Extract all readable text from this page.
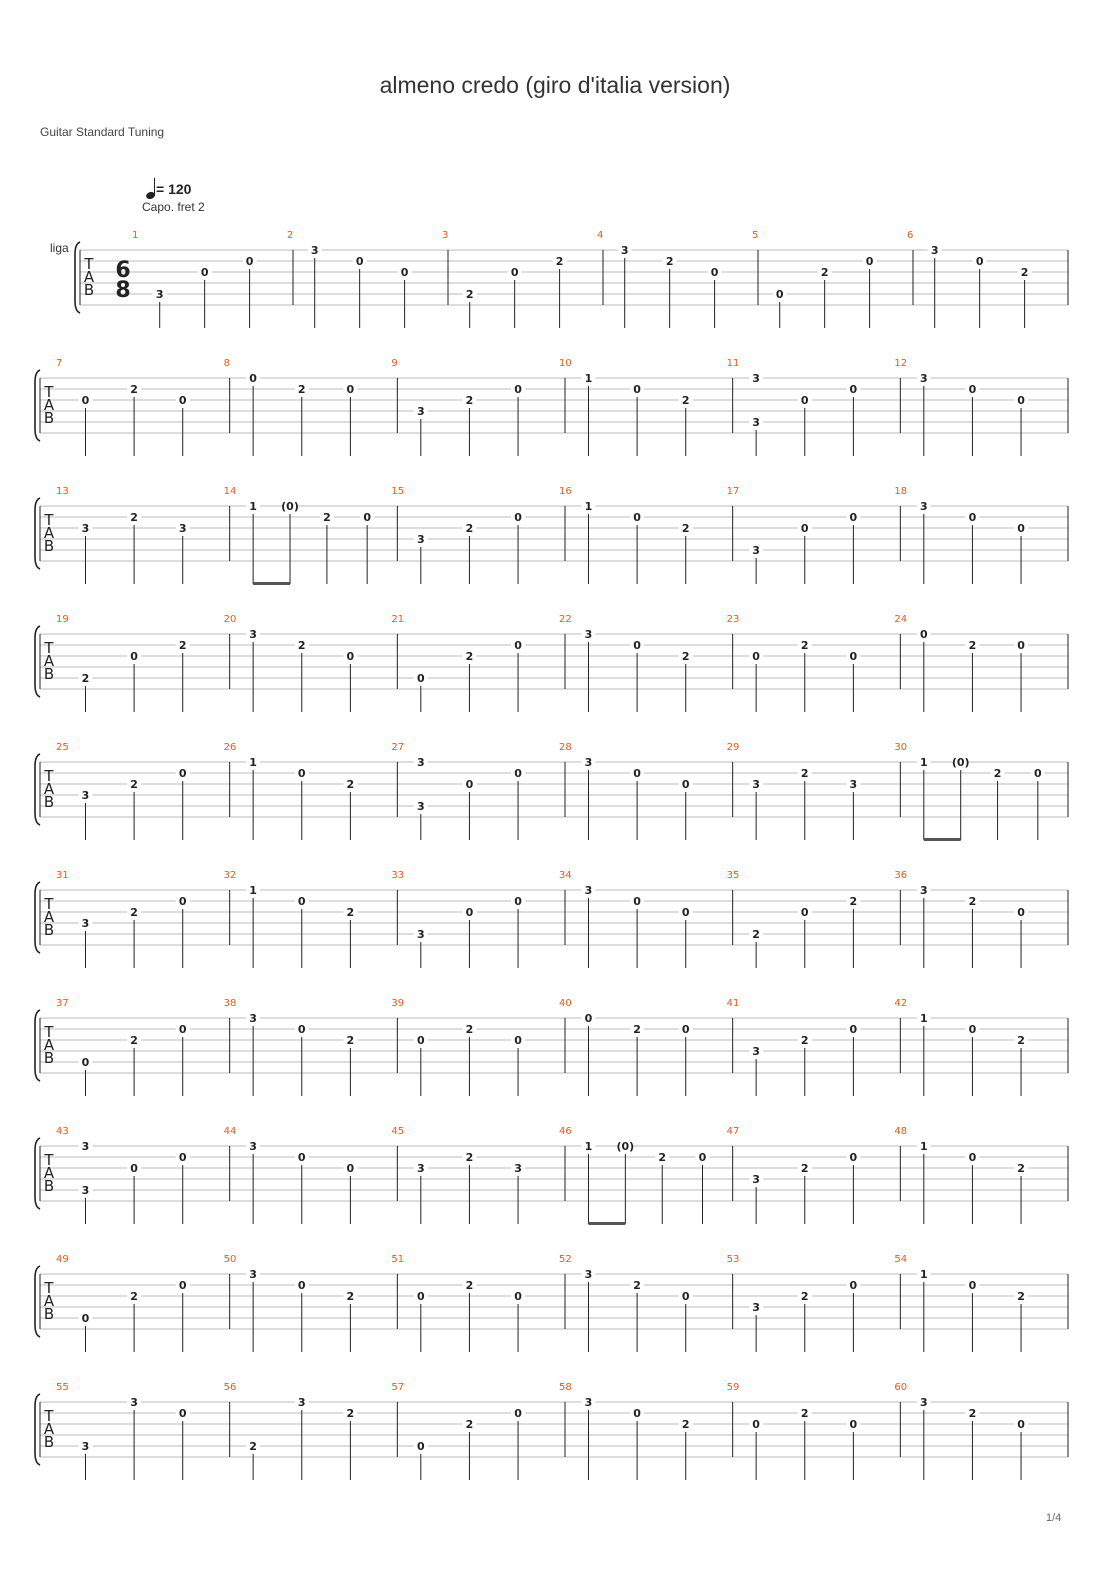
almeno credo (giro d'italia version)
Guitar Standard Tuning
= 120
Capo. fret 2
liga
T
A
B
6
8
1
3
0
0
2
3
0
0
3
2
0
2
4
3
2
0
5
0
2
0
6
3
0
2
T
A
B
7
0
2
0
8
0
2	0
9
3
2
0
10
1
0
2
11
3
3
0
0
12
3
0
0
T
A
B
13
3
2
3
14
1 (0)
2	0
15
3
2
0
16
1
0
2
17
3
0
0
18
3
0
0
T
A
B
19
2
0
2
20
3
2
0
21
0
2
0
22
3
0
2
23
0
2
0
24
0
2	0
T
A
B
25
3
2
0
26
1
0
2
27
3
3
0
0
28
3
0
0
29
3
2
3
30
1 (0)
2	0
T
A
B
31
3
2
0
32
1
0
2
33
3
0
0
34
3
0
0
35
2
0
2
36
3
2
0
T
A
B
37
0
2
0
38
3
0
2
39
0
2
0
40
0
2	0
41
3
2
0
42
1
0
2
T
A
B
43
3
3
0
0
44
3
0
0
45
3
2
3
46
1 (0)
2	0
47
3
2
0
48
1
0
2
T
A
B
49
0
2
0
50
3
0
2
51
0
2
0
52
3
2
0
53
3
2
0
54
1
0
2
T
A
B
55
3
3
0
56
2
3
2
57
0
2
0
58
3
0
2
59
0
2
0
60
3
2
0
1/4
